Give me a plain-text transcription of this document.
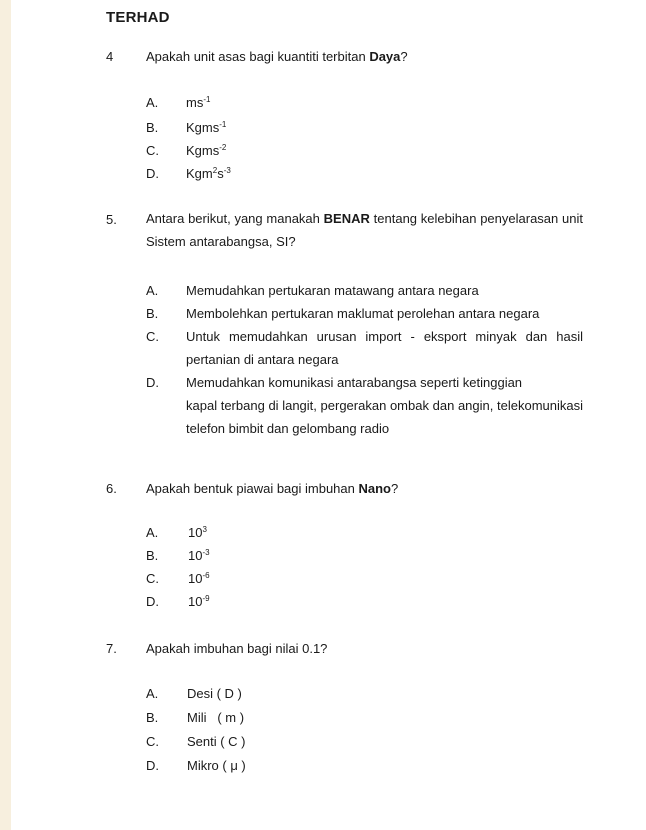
TERHAD
4	Apakah unit asas bagi kuantiti terbitan Daya?
A. $ms^{-1}$
B. Kgms$^{-1}$
C. Kgms$^{-2}$
D. $Kgm^2s^{-3}$
5. Antara berikut, yang manakah BENAR tentang kelebihan penyelarasan unit Sistem antarabangsa, SI?
A. Memudahkan pertukaran matawang antara negara
B. Membolehkan pertukaran maklumat perolehan antara negara
C. Untuk memudahkan urusan import - eksport minyak dan hasil pertanian di antara negara
D. Memudahkan komunikasi antarabangsa seperti ketinggian
kapal terbang di langit, pergerakan ombak dan angin, telekomunikasi telefon bimbit dan gelombang radio
6. Apakah bentuk piawai bagi imbuhan Nano?
A. $10^3$
B. $10^{-3}$
C. $10^{-6}$
D. $10^{-9}$
7. Apakah imbuhan bagi nilai 0.1?
A. Desi ( D )
B. Mili   ( m )
C. Senti ( C )
D. Mikro ( μ )
